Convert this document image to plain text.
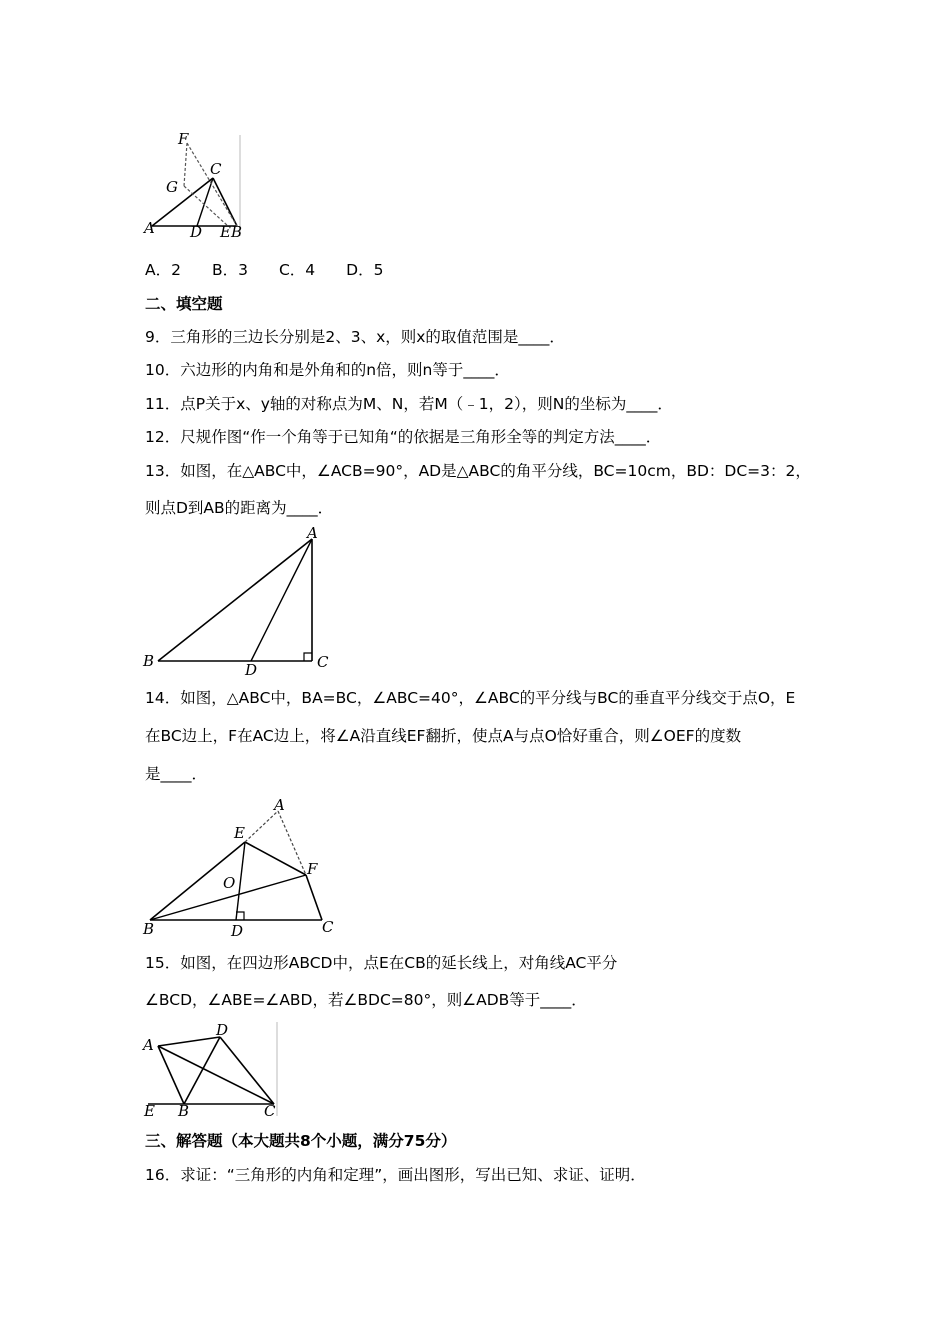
F
C
G
A D E B
A．2　　B．3　　C．4　　D．5
二、填空题
9．三角形的三边长分别是2、3、x，则x的取值范围是____．
10．六边形的内角和是外角和的n倍，则n等于____．
11．点P关于x、y轴的对称点为M、N，若M（﹣1，2），则N的坐标为____．
12．尺规作图“作一个角等于已知角“的依据是三角形全等的判定方法____．
13．如图，在△ABC中，∠ACB=90°，AD是△ABC的角平分线，BC=10cm，BD：DC=3：2，
则点D到AB的距离为____．
A
B	D	C
14．如图，△ABC中，BA=BC，∠ABC=40°，∠ABC的平分线与BC的垂直平分线交于点O，E
在BC边上，F在AC边上，将∠A沿直线EF翻折，使点A与点O恰好重合，则∠OEF的度数
是____．
A
E
F
O
B	D	C
15．如图，在四边形ABCD中，点E在CB的延长线上，对角线AC平分
∠BCD，∠ABE=∠ABD，若∠BDC=80°，则∠ADB等于____．
D
A
E B	C
三、解答题（本大题共8个小题，满分75分）
16．求证：“三角形的内角和定理”，画出图形，写出已知、求证、证明．
